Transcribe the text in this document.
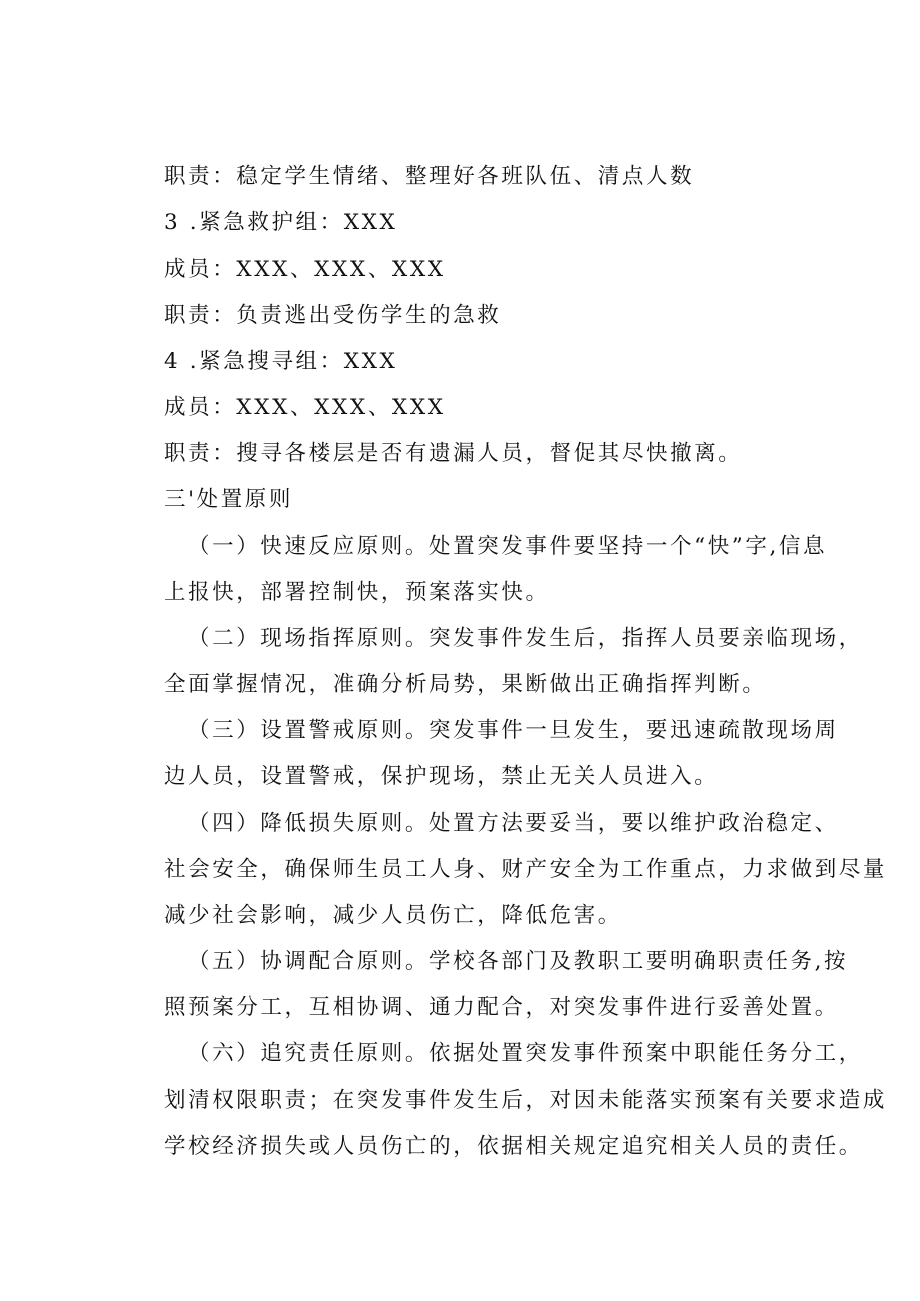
职责：稳定学生情绪、整理好各班队伍、清点人数
3 .紧急救护组：XXX
成员：XXX、XXX、XXX
职责：负责逃出受伤学生的急救
4 .紧急搜寻组：XXX
成员：XXX、XXX、XXX
职责：搜寻各楼层是否有遗漏人员，督促其尽快撤离。
三'处置原则
（一）快速反应原则。处置突发事件要坚持一个“快”字,信息
上报快，部署控制快，预案落实快。
（二）现场指挥原则。突发事件发生后，指挥人员要亲临现场，
全面掌握情况，准确分析局势，果断做出正确指挥判断。
（三）设置警戒原则。突发事件一旦发生，要迅速疏散现场周
边人员，设置警戒，保护现场，禁止无关人员进入。
（四）降低损失原则。处置方法要妥当，要以维护政治稳定、
社会安全，确保师生员工人身、财产安全为工作重点，力求做到尽量
减少社会影响，减少人员伤亡，降低危害。
（五）协调配合原则。学校各部门及教职工要明确职责任务,按
照预案分工，互相协调、通力配合，对突发事件进行妥善处置。
（六）追究责任原则。依据处置突发事件预案中职能任务分工，
划清权限职责；在突发事件发生后，对因未能落实预案有关要求造成
学校经济损失或人员伤亡的，依据相关规定追究相关人员的责任。
